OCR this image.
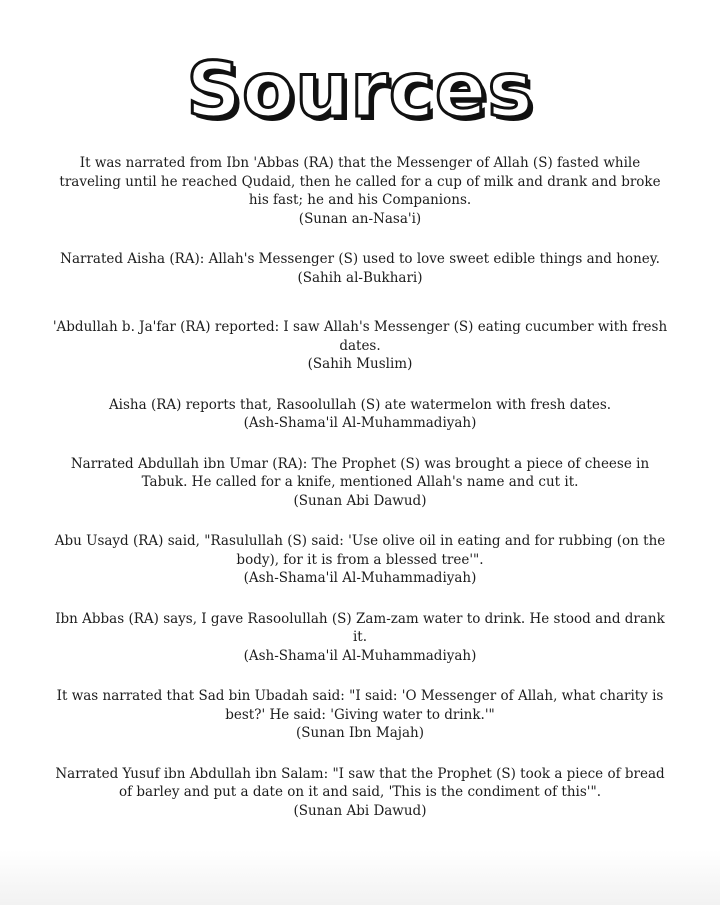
Sources
It was narrated from Ibn 'Abbas (RA) that the Messenger of Allah (S) fasted while traveling until he reached Qudaid, then he called for a cup of milk and drank and broke his fast; he and his Companions.
(Sunan an-Nasa'i)
Narrated Aisha (RA): Allah's Messenger (S) used to love sweet edible things and honey. (Sahih al-Bukhari)
'Abdullah b. Ja'far (RA) reported: I saw Allah's Messenger (S) eating cucumber with fresh dates.
(Sahih Muslim)
Aisha (RA) reports that, Rasoolullah (S) ate watermelon with fresh dates.
(Ash-Shama'il Al-Muhammadiyah)
Narrated Abdullah ibn Umar (RA): The Prophet (S) was brought a piece of cheese in Tabuk. He called for a knife, mentioned Allah's name and cut it.
(Sunan Abi Dawud)
Abu Usayd (RA) said, "Rasulullah (S) said: 'Use olive oil in eating and for rubbing (on the body), for it is from a blessed tree'".
(Ash-Shama'il Al-Muhammadiyah)
Ibn Abbas (RA) says, I gave Rasoolullah (S) Zam-zam water to drink. He stood and drank it.
(Ash-Shama'il Al-Muhammadiyah)
It was narrated that Sad bin Ubadah said: "I said: 'O Messenger of Allah, what charity is best?' He said: 'Giving water to drink.'"
(Sunan Ibn Majah)
Narrated Yusuf ibn Abdullah ibn Salam: "I saw that the Prophet (S) took a piece of bread of barley and put a date on it and said, 'This is the condiment of this'".
(Sunan Abi Dawud)
